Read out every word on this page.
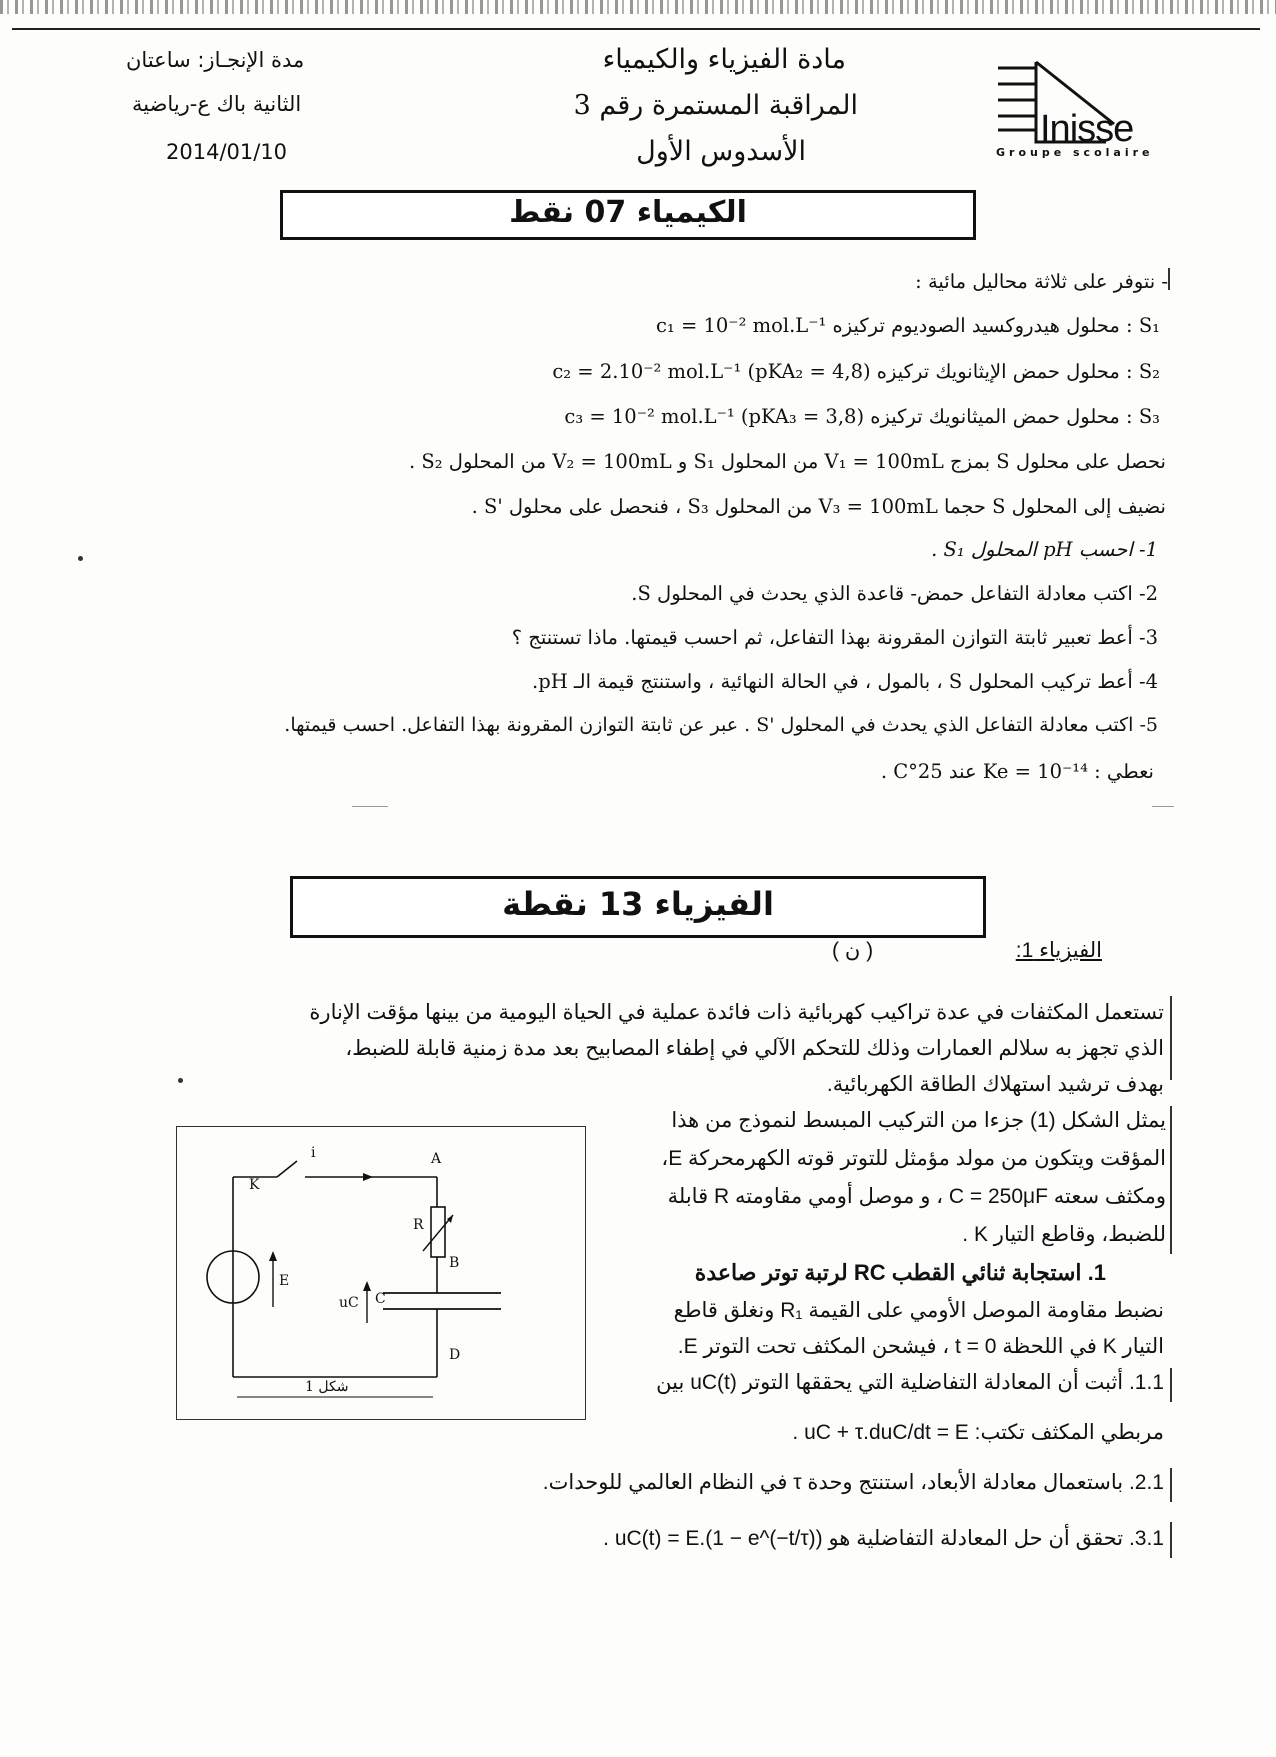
مادة الفيزياء والكيمياء
المراقبة المستمرة رقم 3
الأسدوس الأول
مدة الإنجـاز: ساعتان
الثانية باك ع-رياضية
2014/01/10
Inisse
Groupe scolaire
الكيمياء 07 نقط
- نتوفر على ثلاثة محاليل مائية :
S₁ : محلول هيدروكسيد الصوديوم تركيزه c₁ = 10⁻² mol.L⁻¹
S₂ : محلول حمض الإيثانويك تركيزه c₂ = 2.10⁻² mol.L⁻¹ (pKA₂ = 4,8)
S₃ : محلول حمض الميثانويك تركيزه c₃ = 10⁻² mol.L⁻¹ (pKA₃ = 3,8)
نحصل على محلول S بمزج V₁ = 100mL من المحلول S₁ و V₂ = 100mL من المحلول S₂ .
نضيف إلى المحلول S حجما V₃ = 100mL من المحلول S₃ ، فنحصل على محلول 'S .
1- احسب pH المحلول S₁ .
2- اكتب معادلة التفاعل حمض- قاعدة الذي يحدث في المحلول S.
3- أعط تعبير ثابتة التوازن المقرونة بهذا التفاعل، ثم احسب قيمتها. ماذا تستنتج ؟
4- أعط تركيب المحلول S ، بالمول ، في الحالة النهائية ، واستنتج قيمة الـ pH.
5- اكتب معادلة التفاعل الذي يحدث في المحلول 'S . عبر عن ثابتة التوازن المقرونة بهذا التفاعل. احسب قيمتها.
نعطي : Ke = 10⁻¹⁴ عند 25°C .
الفيزياء 13 نقطة
الفيزياء 1:
( ن )
تستعمل المكثفات في عدة تراكيب كهربائية ذات فائدة عملية في الحياة اليومية من بينها مؤقت الإنارة
الذي تجهز به سلالم العمارات وذلك للتحكم الآلي في إطفاء المصابيح بعد مدة زمنية قابلة للضبط،
بهدف ترشيد استهلاك الطاقة الكهربائية.
يمثل الشكل (1) جزءا من التركيب المبسط لنموذج من هذا
المؤقت ويتكون من مولد مؤمثل للتوتر قوته الكهرمحركة E،
ومكثف سعته C = 250μF ، و موصل أومي مقاومته R قابلة
للضبط، وقاطع التيار K .
1. استجابة ثنائي القطب RC لرتبة توتر صاعدة
نضبط مقاومة الموصل الأومي على القيمة R₁ ونغلق قاطع
التيار K في اللحظة t = 0 ، فيشحن المكثف تحت التوتر E.
1.1. أثبت أن المعادلة التفاضلية التي يحققها التوتر uC(t) بين
مربطي المكثف تكتب: uC + τ.duC/dt = E .
2.1. باستعمال معادلة الأبعاد، استنتج وحدة τ في النظام العالمي للوحدات.
3.1. تحقق أن حل المعادلة التفاضلية هو uC(t) = E.(1 − e^(−t/τ)) .
i	A
K
R
B
E
uC C
D
شكل 1
